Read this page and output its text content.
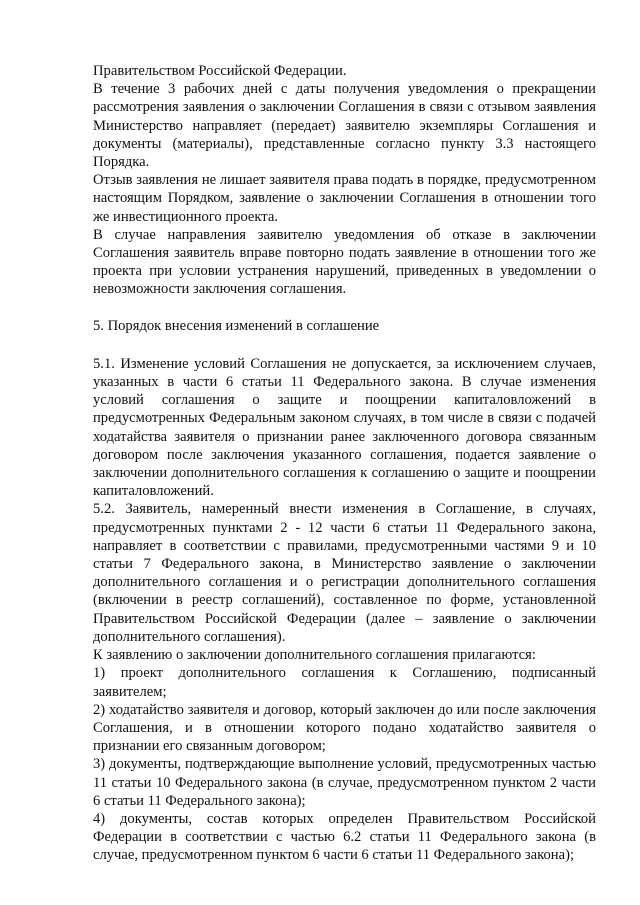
Правительством Российской Федерации.

В течение 3 рабочих дней с даты получения уведомления о прекращении рассмотрения заявления о заключении Соглашения в связи с отзывом заявления Министерство направляет (передает) заявителю экземпляры Соглашения и документы (материалы), представленные согласно пункту 3.3 настоящего Порядка.

Отзыв заявления не лишает заявителя права подать в порядке, предусмотренном настоящим Порядком, заявление о заключении Соглашения в отношении того же инвестиционного проекта.

В случае направления заявителю уведомления об отказе в заключении Соглашения заявитель вправе повторно подать заявление в отношении того же проекта при условии устранения нарушений, приведенных в уведомлении о невозможности заключения соглашения.

5. Порядок внесения изменений в соглашение

5.1. Изменение условий Соглашения не допускается, за исключением случаев, указанных в части 6 статьи 11 Федерального закона. В случае изменения условий соглашения о защите и поощрении капиталовложений в предусмотренных Федеральным законом случаях, в том числе в связи с подачей ходатайства заявителя о признании ранее заключенного договора связанным договором после заключения указанного соглашения, подается заявление о заключении дополнительного соглашения к соглашению о защите и поощрении капиталовложений.

5.2. Заявитель, намеренный внести изменения в Соглашение, в случаях, предусмотренных пунктами 2 - 12 части 6 статьи 11 Федерального закона, направляет в соответствии с правилами, предусмотренными частями 9 и 10 статьи 7 Федерального закона, в Министерство заявление о заключении дополнительного соглашения и о регистрации дополнительного соглашения (включении в реестр соглашений), составленное по форме, установленной Правительством Российской Федерации (далее – заявление о заключении дополнительного соглашения).

К заявлению о заключении дополнительного соглашения прилагаются:

1) проект дополнительного соглашения к Соглашению, подписанный заявителем;

2) ходатайство заявителя и договор, который заключен до или после заключения Соглашения, и в отношении которого подано ходатайство заявителя о признании его связанным договором;

3) документы, подтверждающие выполнение условий, предусмотренных частью 11 статьи 10 Федерального закона (в случае, предусмотренном пунктом 2 части 6 статьи 11 Федерального закона);

4) документы, состав которых определен Правительством Российской Федерации в соответствии с частью 6.2 статьи 11 Федерального закона (в случае, предусмотренном пунктом 6 части 6 статьи 11 Федерального закона);
